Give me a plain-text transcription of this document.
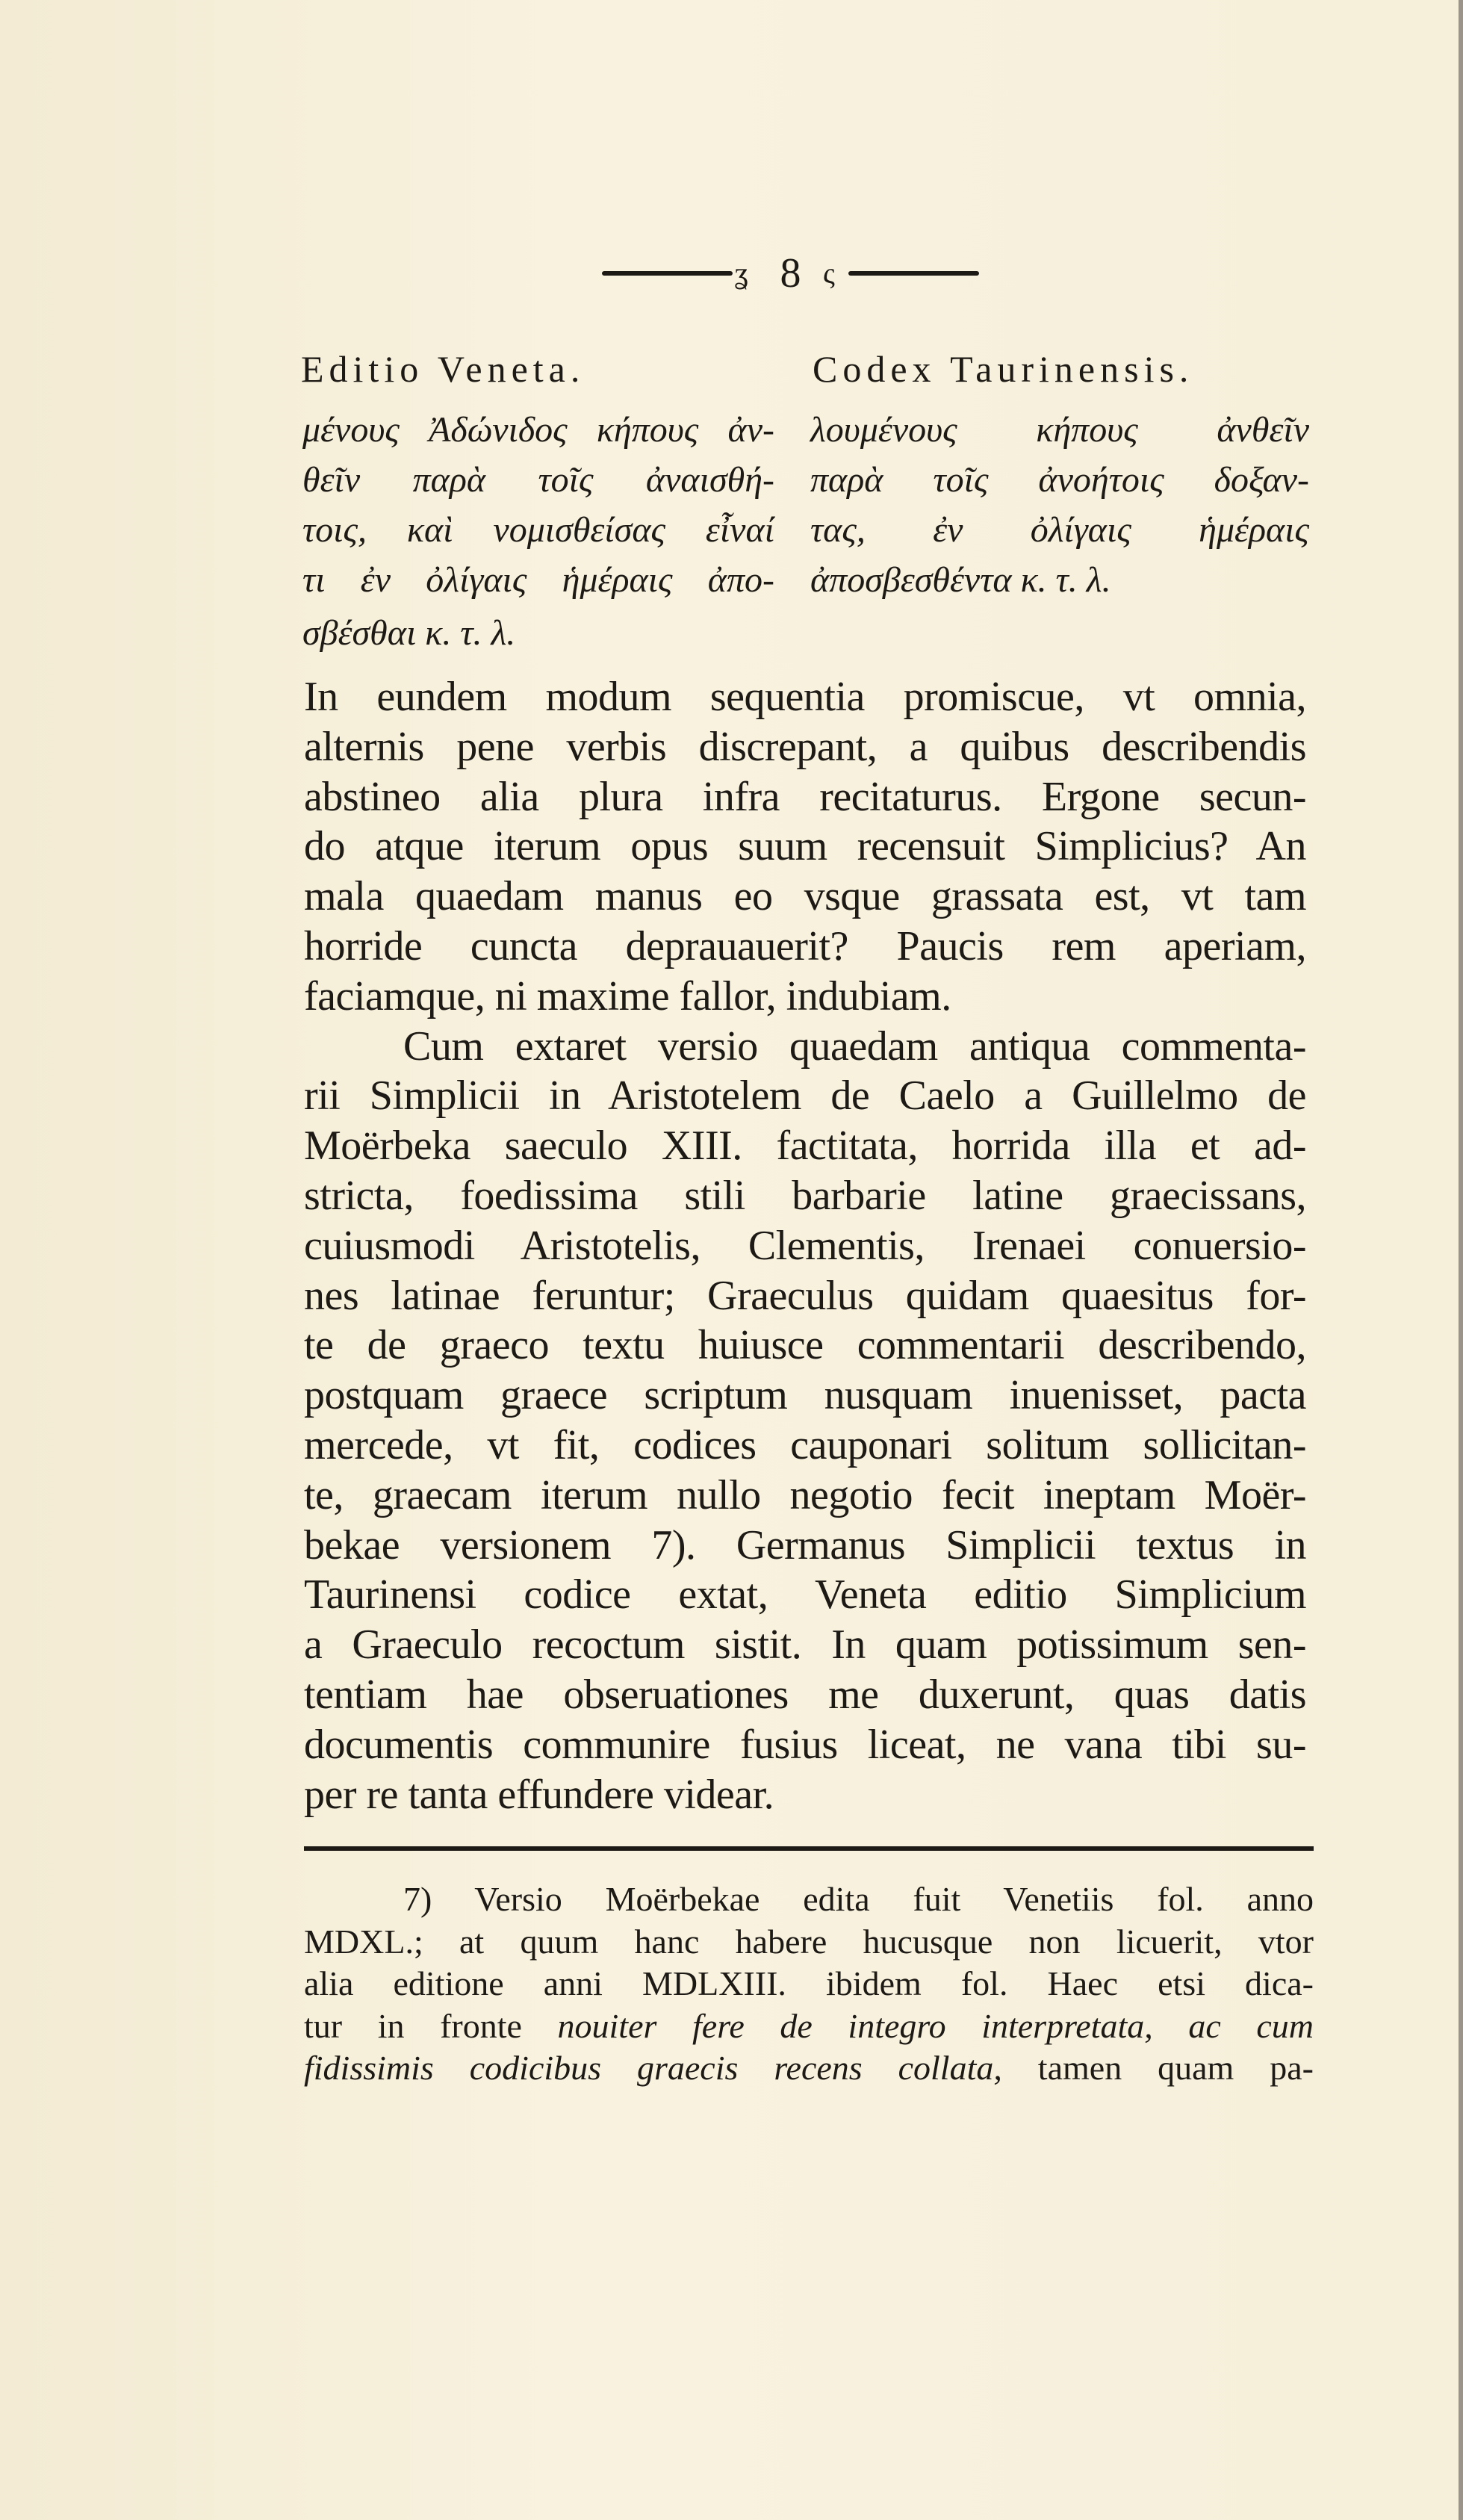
ʓ 8 ς
Editio Veneta.	Codex Taurinensis.
μένους Ἀδώνιδος κήπους ἀν-
θεῖν παρὰ τοῖς ἀναισθή-
τοις, καὶ νομισθείσας εἶναί
τι ἐν ὀλίγαις ἡμέραις ἀπο-
σβέσθαι κ. τ. λ.
λουμένους κήπους ἀνθεῖν
παρὰ τοῖς ἀνοήτοις δοξαν-
τας, ἐν ὀλίγαις ἡμέραις
ἀποσβεσθέντα κ. τ. λ.
In eundem modum sequentia promiscue, vt omnia,
alternis pene verbis discrepant, a quibus describendis
abstineo alia plura infra recitaturus. Ergone secun-
do atque iterum opus suum recensuit Simplicius? An
mala quaedam manus eo vsque grassata est, vt tam
horride cuncta deprauauerit? Paucis rem aperiam,
faciamque, ni maxime fallor, indubiam.
Cum extaret versio quaedam antiqua commenta-
rii Simplicii in Aristotelem de Caelo a Guillelmo de
Moërbeka saeculo XIII. factitata, horrida illa et ad-
stricta, foedissima stili barbarie latine graecissans,
cuiusmodi Aristotelis, Clementis, Irenaei conuersio-
nes latinae feruntur; Graeculus quidam quaesitus for-
te de graeco textu huiusce commentarii describendo,
postquam graece scriptum nusquam inuenisset, pacta
mercede, vt fit, codices cauponari solitum sollicitan-
te, graecam iterum nullo negotio fecit ineptam Moër-
bekae versionem 7). Germanus Simplicii textus in
Taurinensi codice extat, Veneta editio Simplicium
a Graeculo recoctum sistit. In quam potissimum sen-
tentiam hae obseruationes me duxerunt, quas datis
documentis communire fusius liceat, ne vana tibi su-
per re tanta effundere videar.
7) Versio Moërbekae edita fuit Venetiis fol. anno
MDXL.; at quum hanc habere hucusque non licuerit, vtor
alia editione anni MDLXIII. ibidem fol. Haec etsi dica-
tur in fronte nouiter fere de integro interpretata, ac cum
fidissimis codicibus graecis recens collata, tamen quam pa-
